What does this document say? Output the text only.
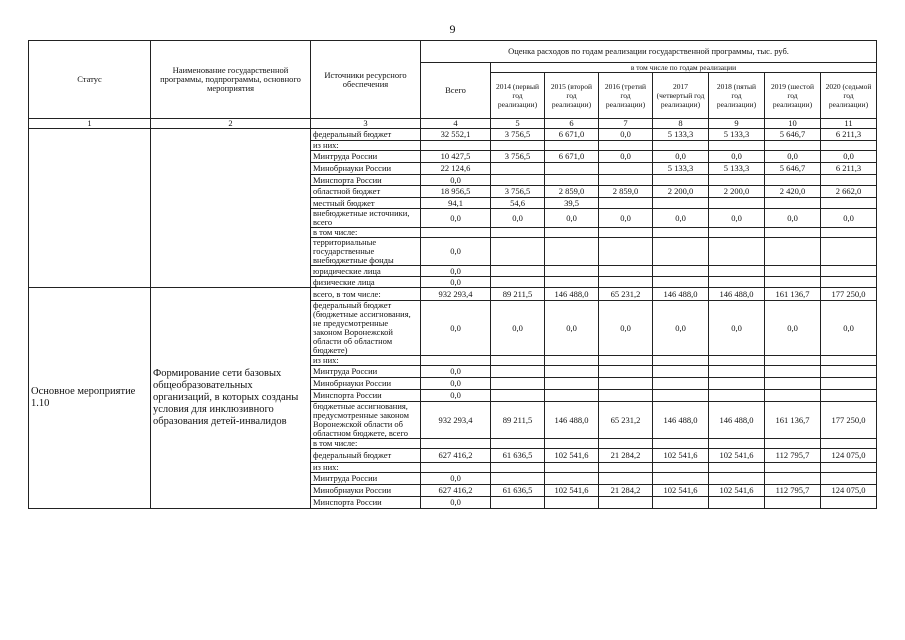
9
Статус	Наименование государственной программы, подпрограммы, основного мероприятия	Источники ресурсного обеспечения	Оценка расходов по годам реализации государственной программы, тыс. руб.							
			Всего	в том числе по годам реализации						
				2014 (первый год реализации)	2015 (второй год реализации)	2016 (третий год реализации)	2017 (четвертый год реализации)	2018 (пятый год реализации)	2019 (шестой год реализации)	2020 (седьмой год реализации)
1	2	3	4	5	6	7	8	9	10	11
		федеральный бюджет	32 552,1	3 756,5	6 671,0	0,0	5 133,3	5 133,3	5 646,7	6 211,3
		из них:								
		Минтруда России	10 427,5	3 756,5	6 671,0	0,0	0,0	0,0	0,0	0,0
		Минобрнауки России	22 124,6				5 133,3	5 133,3	5 646,7	6 211,3
		Минспорта России	0,0							
		областной бюджет	18 956,5	3 756,5	2 859,0	2 859,0	2 200,0	2 200,0	2 420,0	2 662,0
		местный бюджет	94,1	54,6	39,5					
		внебюджетные источники, всего	0,0	0,0	0,0	0,0	0,0	0,0	0,0	0,0
		в том числе:								
		территориальные государственные внебюджетные фонды	0,0							
		юридические лица	0,0							
		физические лица	0,0							

Основное мероприятие 1.10	Формирование сети базовых общеобразовательных организаций, в которых созданы условия для инклюзивного образования детей-инвалидов	всего, в том числе:	932 293,4	89 211,5	146 488,0	65 231,2	146 488,0	146 488,0	161 136,7	177 250,0
		федеральный бюджет (бюджетные ассигнования, не предусмотренные законом Воронежской области об областном бюджете)	0,0	0,0	0,0	0,0	0,0	0,0	0,0	0,0
		из них:								
		Минтруда России	0,0							
		Минобрнауки России	0,0							
		Минспорта России	0,0							
		бюджетные ассигнования, предусмотренные законом Воронежской области об областном бюджете, всего	932 293,4	89 211,5	146 488,0	65 231,2	146 488,0	146 488,0	161 136,7	177 250,0
		в том числе:								
		федеральный бюджет	627 416,2	61 636,5	102 541,6	21 284,2	102 541,6	102 541,6	112 795,7	124 075,0
		из них:								
		Минтруда России	0,0							
		Минобрнауки России	627 416,2	61 636,5	102 541,6	21 284,2	102 541,6	102 541,6	112 795,7	124 075,0
		Минспорта России	0,0							
